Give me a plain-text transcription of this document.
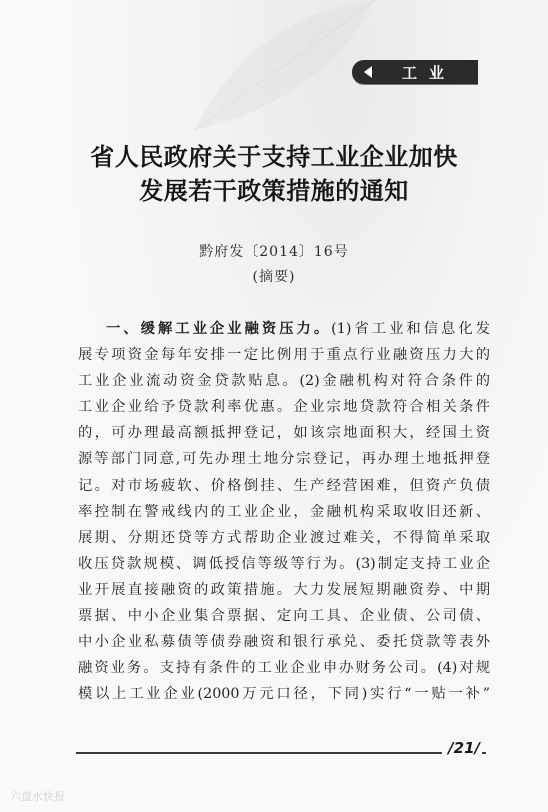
工业
省人民政府关于支持工业企业加快
发展若干政策措施的通知
黔府发〔2014〕16号
(摘要)
一、缓解工业企业融资压力。(1)省工业和信息化发
展专项资金每年安排一定比例用于重点行业融资压力大的
工业企业流动资金贷款贴息。(2)金融机构对符合条件的
工业企业给予贷款利率优惠。企业宗地贷款符合相关条件
的，可办理最高额抵押登记，如该宗地面积大，经国土资
源等部门同意,可先办理土地分宗登记，再办理土地抵押登
记。对市场疲软、价格倒挂、生产经营困难，但资产负债
率控制在警戒线内的工业企业，金融机构采取收旧还新、
展期、分期还贷等方式帮助企业渡过难关，不得简单采取
收压贷款规模、调低授信等级等行为。(3)制定支持工业企
业开展直接融资的政策措施。大力发展短期融资券、中期
票据、中小企业集合票据、定向工具、企业债、公司债、
中小企业私募债等债券融资和银行承兑、委托贷款等表外
融资业务。支持有条件的工业企业申办财务公司。(4)对规
模以上工业企业(2000万元口径，下同)实行“一贴一补”
/21/
六盘水快报
